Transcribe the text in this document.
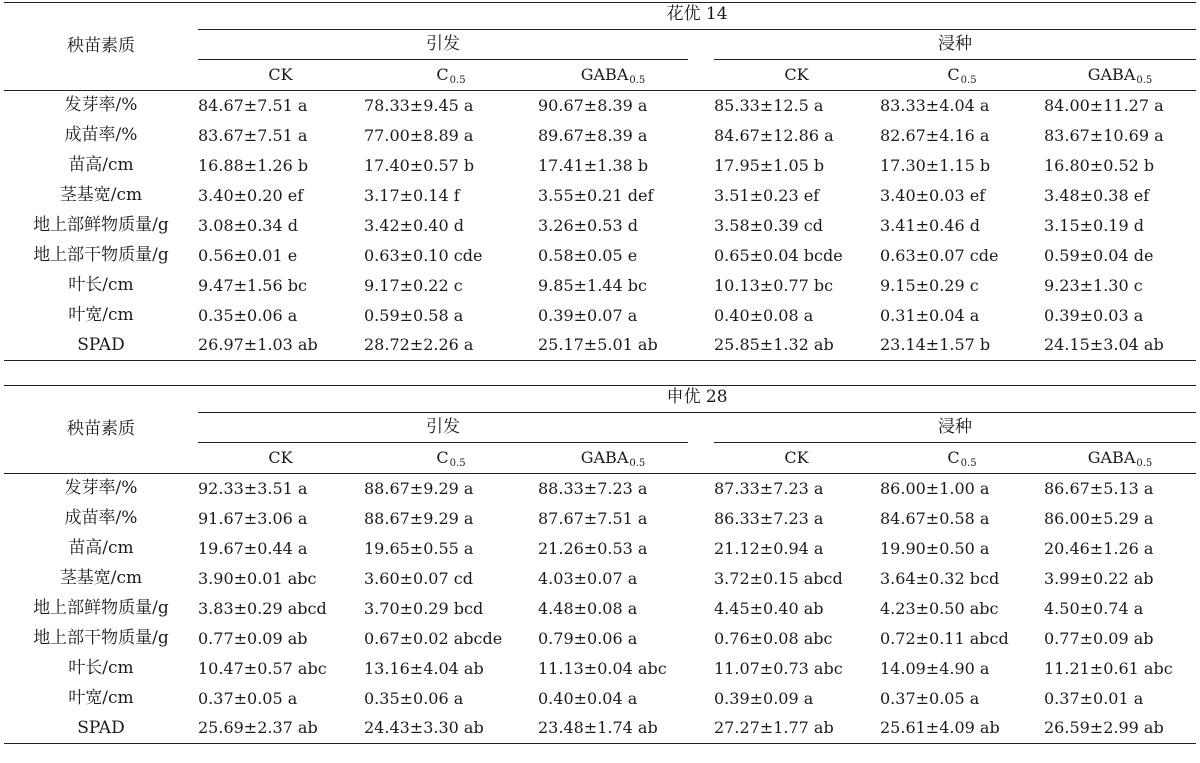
秧苗素质	花优 14						

	引发				浸种		

	CK	$C_{0.5}$	$GABA_{0.5}$		CK	$C_{0.5}$	$GABA_{0.5}$
发芽率/%	84.67±7.51 a	78.33±9.45 a	90.67±8.39 a		85.33±12.5 a	83.33±4.04 a	84.00±11.27 a
成苗率/%	83.67±7.51 a	77.00±8.89 a	89.67±8.39 a		84.67±12.86 a	82.67±4.16 a	83.67±10.69 a
苗高/cm	16.88±1.26 b	17.40±0.57 b	17.41±1.38 b		17.95±1.05 b	17.30±1.15 b	16.80±0.52 b
茎基宽/cm	3.40±0.20 ef	3.17±0.14 f	3.55±0.21 def		3.51±0.23 ef	3.40±0.03 ef	3.48±0.38 ef
地上部鲜物质量/g	3.08±0.34 d	3.42±0.40 d	3.26±0.53 d		3.58±0.39 cd	3.41±0.46 d	3.15±0.19 d
地上部干物质量/g	0.56±0.01 e	0.63±0.10 cde	0.58±0.05 e		0.65±0.04 bcde	0.63±0.07 cde	0.59±0.04 de
叶长/cm	9.47±1.56 bc	9.17±0.22 c	9.85±1.44 bc		10.13±0.77 bc	9.15±0.29 c	9.23±1.30 c
叶宽/cm	0.35±0.06 a	0.59±0.58 a	0.39±0.07 a		0.40±0.08 a	0.31±0.04 a	0.39±0.03 a
SPAD	26.97±1.03 ab	28.72±2.26 a	25.17±5.01 ab		25.85±1.32 ab	23.14±1.57 b	24.15±3.04 ab
秧苗素质	申优 28						

	引发				浸种		

	CK	$C_{0.5}$	$GABA_{0.5}$		CK	$C_{0.5}$	$GABA_{0.5}$
发芽率/%	92.33±3.51 a	88.67±9.29 a	88.33±7.23 a		87.33±7.23 a	86.00±1.00 a	86.67±5.13 a
成苗率/%	91.67±3.06 a	88.67±9.29 a	87.67±7.51 a		86.33±7.23 a	84.67±0.58 a	86.00±5.29 a
苗高/cm	19.67±0.44 a	19.65±0.55 a	21.26±0.53 a		21.12±0.94 a	19.90±0.50 a	20.46±1.26 a
茎基宽/cm	3.90±0.01 abc	3.60±0.07 cd	4.03±0.07 a		3.72±0.15 abcd	3.64±0.32 bcd	3.99±0.22 ab
地上部鲜物质量/g	3.83±0.29 abcd	3.70±0.29 bcd	4.48±0.08 a		4.45±0.40 ab	4.23±0.50 abc	4.50±0.74 a
地上部干物质量/g	0.77±0.09 ab	0.67±0.02 abcde	0.79±0.06 a		0.76±0.08 abc	0.72±0.11 abcd	0.77±0.09 ab
叶长/cm	10.47±0.57 abc	13.16±4.04 ab	11.13±0.04 abc		11.07±0.73 abc	14.09±4.90 a	11.21±0.61 abc
叶宽/cm	0.37±0.05 a	0.35±0.06 a	0.40±0.04 a		0.39±0.09 a	0.37±0.05 a	0.37±0.01 a
SPAD	25.69±2.37 ab	24.43±3.30 ab	23.48±1.74 ab		27.27±1.77 ab	25.61±4.09 ab	26.59±2.99 ab
